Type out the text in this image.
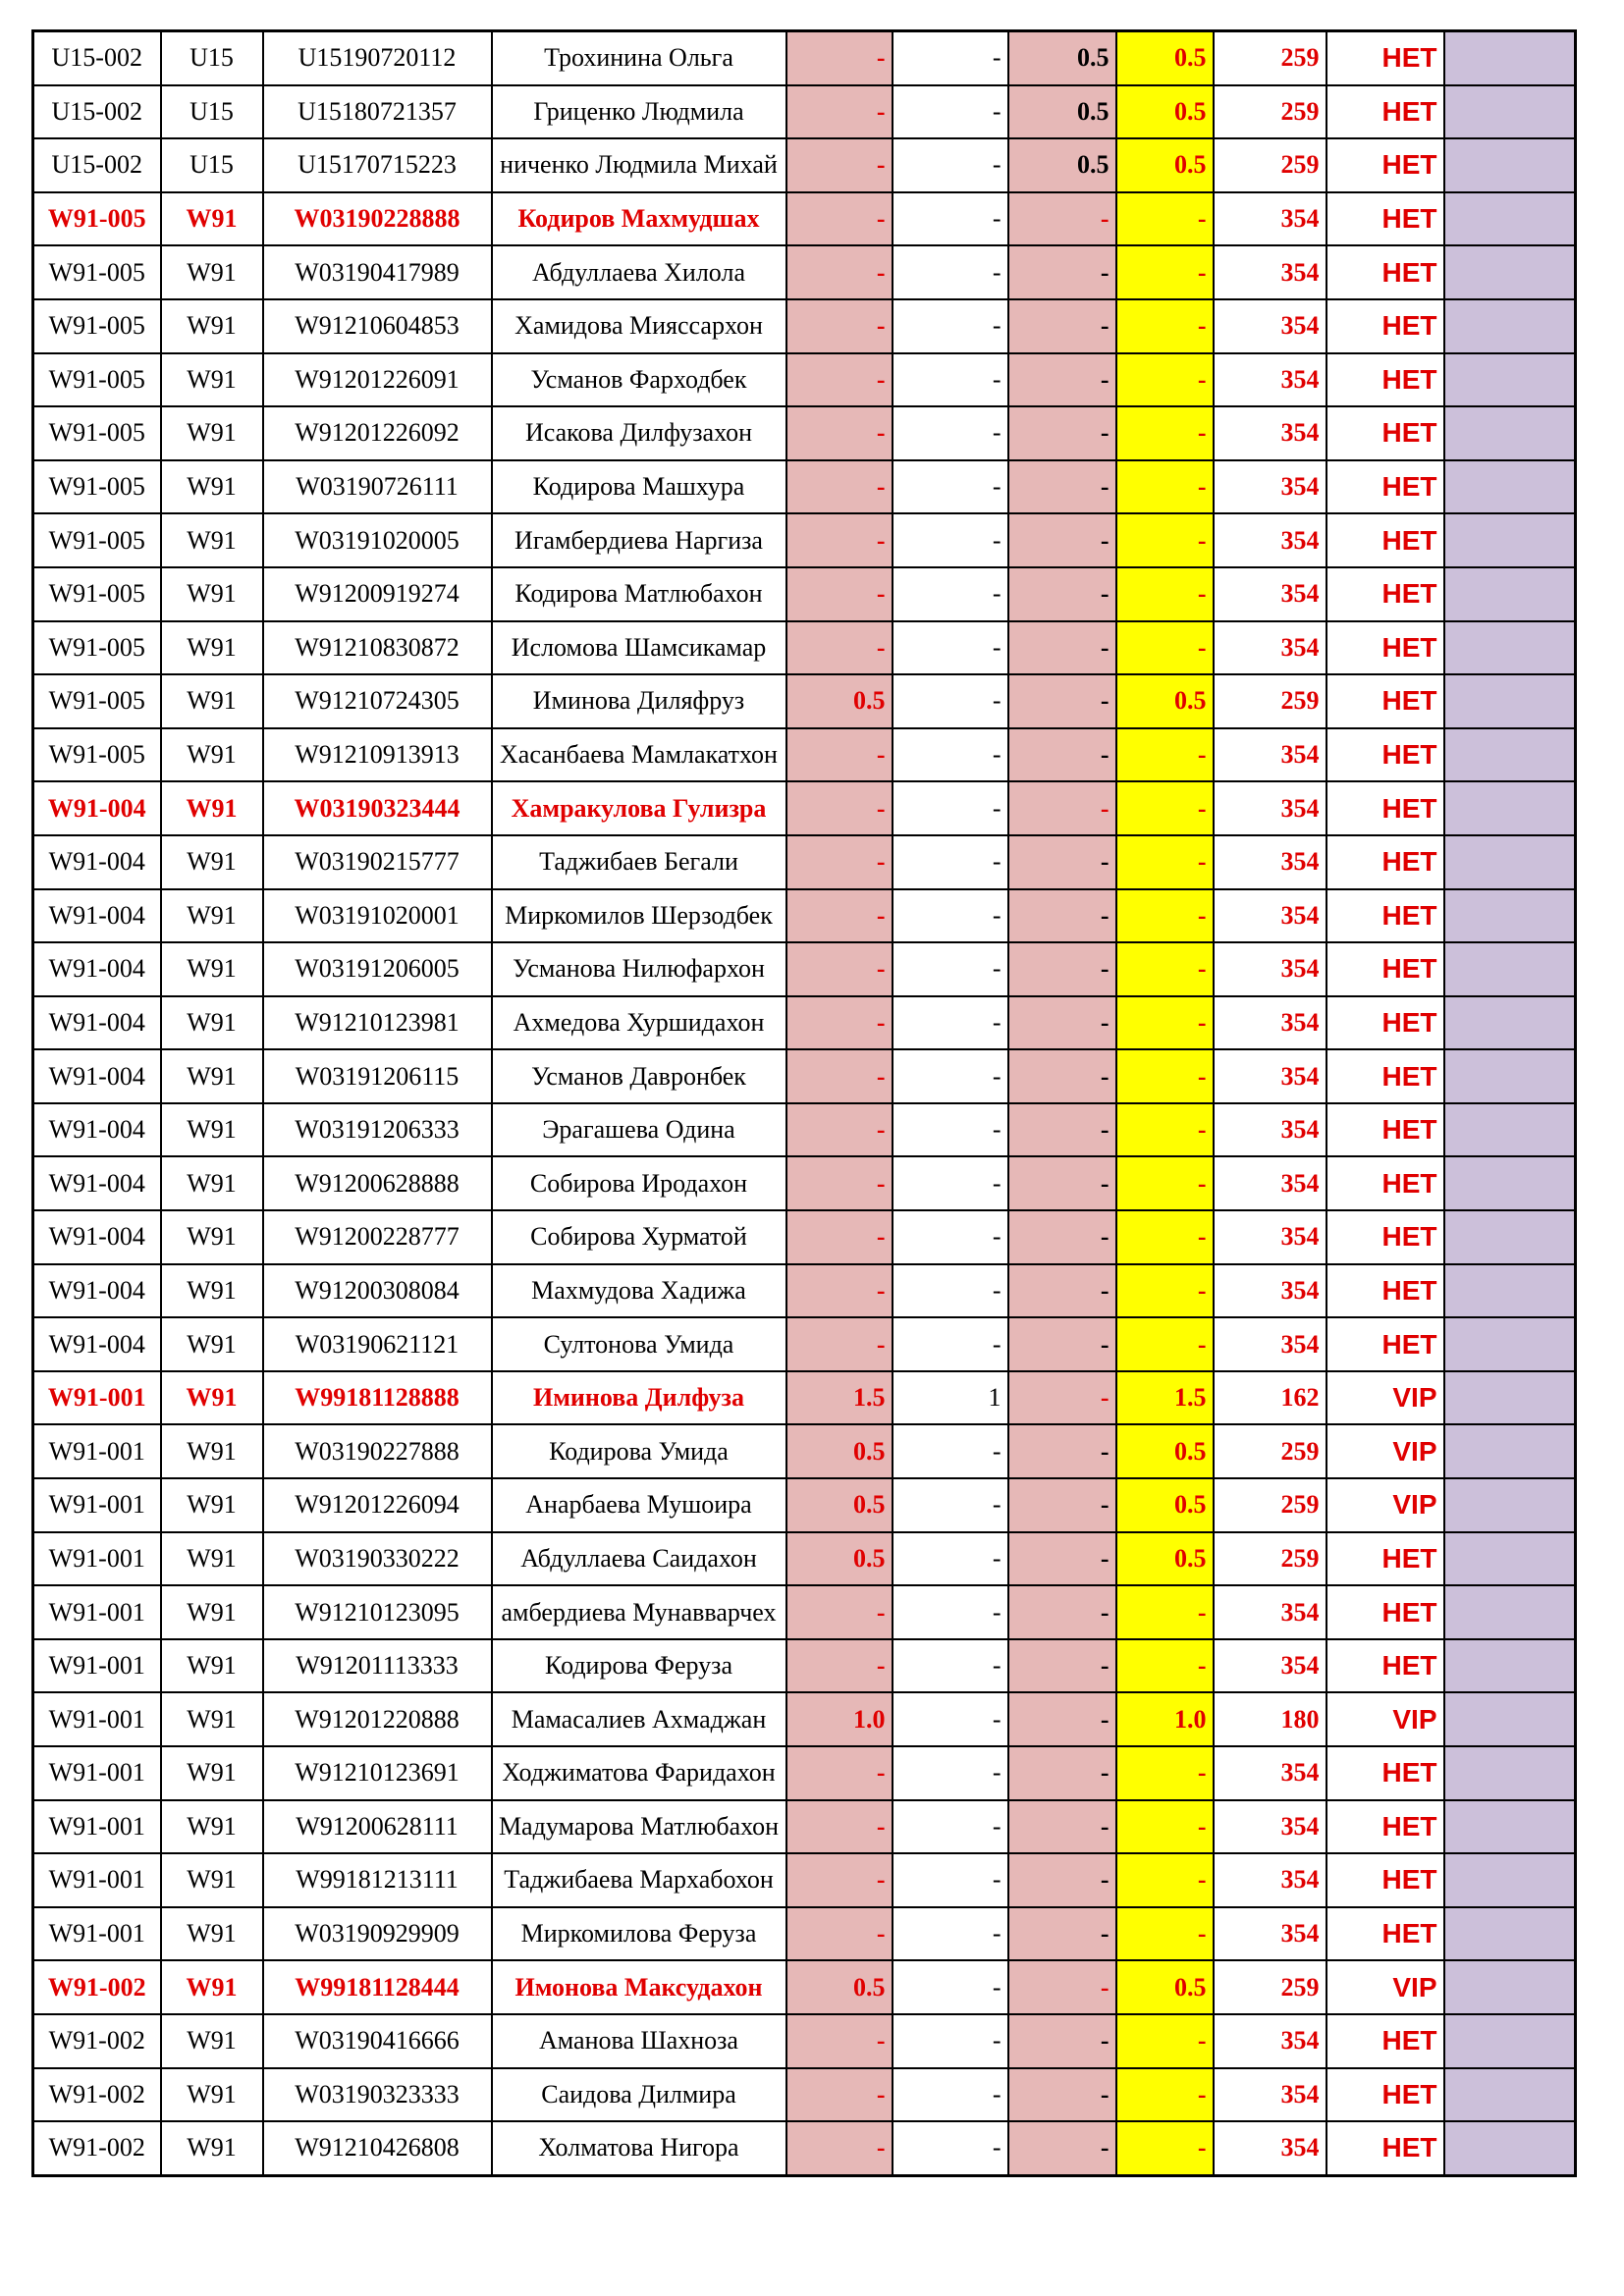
U15-002	U15	U15190720112	Трохинина Ольга	-	-	0.5	0.5	259	НЕТ	
U15-002	U15	U15180721357	Гриценко Людмила	-	-	0.5	0.5	259	НЕТ	
U15-002	U15	U15170715223	ниченко Людмила Михай	-	-	0.5	0.5	259	НЕТ	
W91-005	W91	W03190228888	Кодиров Махмудшах	-	-	-	-	354	НЕТ	
W91-005	W91	W03190417989	Абдуллаева Хилола	-	-	-	-	354	НЕТ	
W91-005	W91	W91210604853	Хамидова Мияссархон	-	-	-	-	354	НЕТ	
W91-005	W91	W91201226091	Усманов Фарходбек	-	-	-	-	354	НЕТ	
W91-005	W91	W91201226092	Исакова Дилфузахон	-	-	-	-	354	НЕТ	
W91-005	W91	W03190726111	Кодирова Машхура	-	-	-	-	354	НЕТ	
W91-005	W91	W03191020005	Игамбердиева Наргиза	-	-	-	-	354	НЕТ	
W91-005	W91	W91200919274	Кодирова Матлюбахон	-	-	-	-	354	НЕТ	
W91-005	W91	W91210830872	Исломова Шамсикамар	-	-	-	-	354	НЕТ	
W91-005	W91	W91210724305	Иминова Диляфруз	0.5	-	-	0.5	259	НЕТ	
W91-005	W91	W91210913913	Хасанбаева Мамлакатхон	-	-	-	-	354	НЕТ	
W91-004	W91	W03190323444	Хамракулова Гулизра	-	-	-	-	354	НЕТ	
W91-004	W91	W03190215777	Таджибаев Бегали	-	-	-	-	354	НЕТ	
W91-004	W91	W03191020001	Миркомилов Шерзодбек	-	-	-	-	354	НЕТ	
W91-004	W91	W03191206005	Усманова Нилюфархон	-	-	-	-	354	НЕТ	
W91-004	W91	W91210123981	Ахмедова Хуршидахон	-	-	-	-	354	НЕТ	
W91-004	W91	W03191206115	Усманов Давронбек	-	-	-	-	354	НЕТ	
W91-004	W91	W03191206333	Эрагашева Одина	-	-	-	-	354	НЕТ	
W91-004	W91	W91200628888	Собирова Иродахон	-	-	-	-	354	НЕТ	
W91-004	W91	W91200228777	Собирова Хурматой	-	-	-	-	354	НЕТ	
W91-004	W91	W91200308084	Махмудова Хадижа	-	-	-	-	354	НЕТ	
W91-004	W91	W03190621121	Султонова Умида	-	-	-	-	354	НЕТ	
W91-001	W91	W99181128888	Иминова Дилфуза	1.5	1	-	1.5	162	VIP	
W91-001	W91	W03190227888	Кодирова Умида	0.5	-	-	0.5	259	VIP	
W91-001	W91	W91201226094	Анарбаева Мушоира	0.5	-	-	0.5	259	VIP	
W91-001	W91	W03190330222	Абдуллаева Саидахон	0.5	-	-	0.5	259	НЕТ	
W91-001	W91	W91210123095	амбердиева Мунавварчех	-	-	-	-	354	НЕТ	
W91-001	W91	W91201113333	Кодирова Феруза	-	-	-	-	354	НЕТ	
W91-001	W91	W91201220888	Мамасалиев Ахмаджан	1.0	-	-	1.0	180	VIP	
W91-001	W91	W91210123691	Ходжиматова Фаридахон	-	-	-	-	354	НЕТ	
W91-001	W91	W91200628111	Мадумарова Матлюбахон	-	-	-	-	354	НЕТ	
W91-001	W91	W99181213111	Таджибаева Мархабохон	-	-	-	-	354	НЕТ	
W91-001	W91	W03190929909	Миркомилова Феруза	-	-	-	-	354	НЕТ	
W91-002	W91	W99181128444	Имонова Максудахон	0.5	-	-	0.5	259	VIP	
W91-002	W91	W03190416666	Аманова Шахноза	-	-	-	-	354	НЕТ	
W91-002	W91	W03190323333	Саидова Дилмира	-	-	-	-	354	НЕТ	
W91-002	W91	W91210426808	Холматова Нигора	-	-	-	-	354	НЕТ	
